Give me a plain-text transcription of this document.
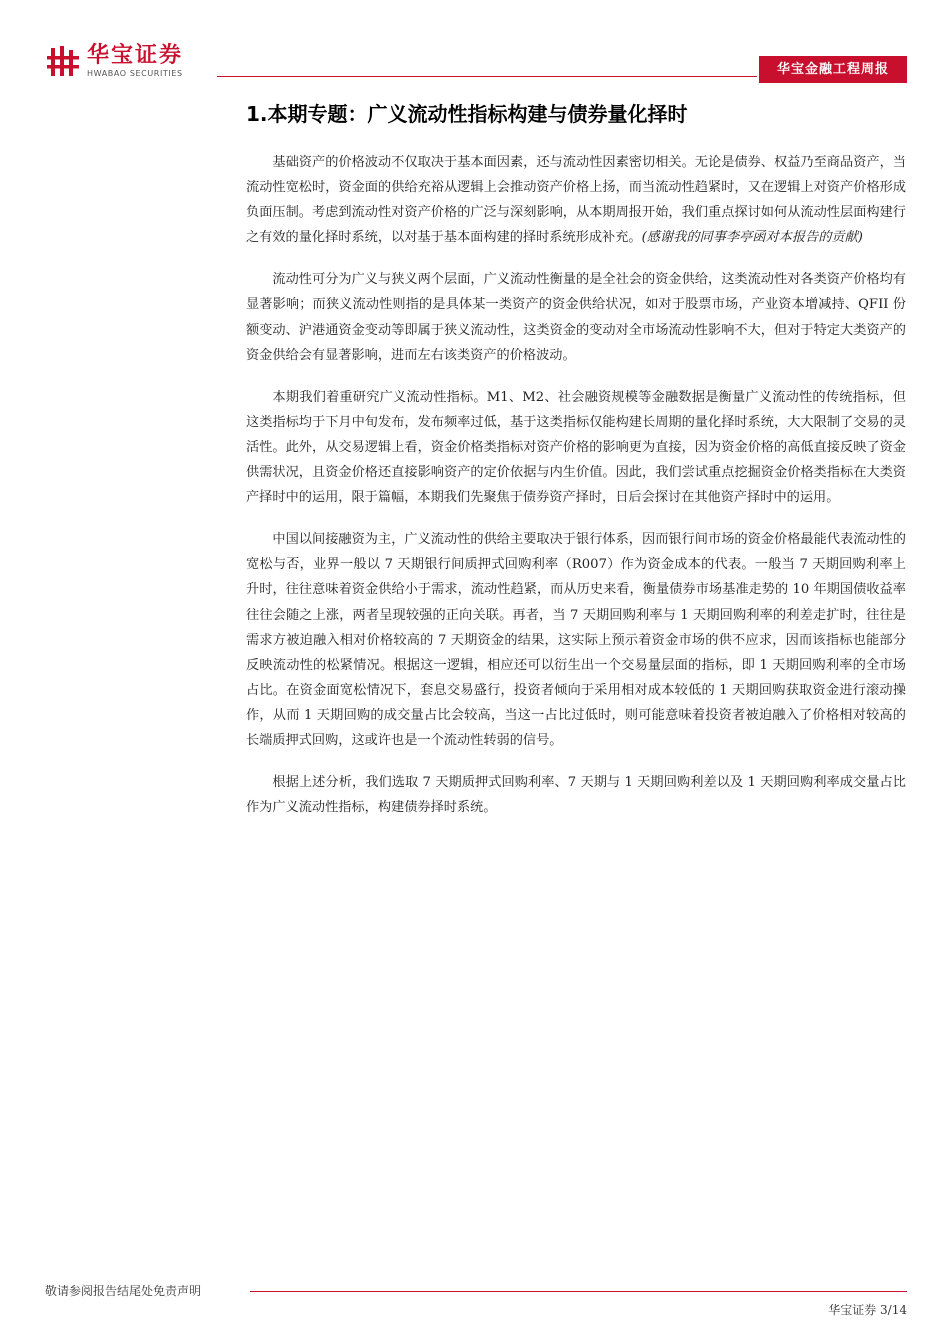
华宝证券
HWABAO SECURITIES	华宝金融工程周报
1.本期专题：广义流动性指标构建与债券量化择时

基础资产的价格波动不仅取决于基本面因素，还与流动性因素密切相关。无论是债券、权益乃至商品资产，当流动性宽松时，资金面的供给充裕从逻辑上会推动资产价格上扬，而当流动性趋紧时，又在逻辑上对资产价格形成负面压制。考虑到流动性对资产价格的广泛与深刻影响，从本期周报开始，我们重点探讨如何从流动性层面构建行之有效的量化择时系统，以对基于基本面构建的择时系统形成补充。(感谢我的同事李亭函对本报告的贡献)

流动性可分为广义与狭义两个层面，广义流动性衡量的是全社会的资金供给，这类流动性对各类资产价格均有显著影响；而狭义流动性则指的是具体某一类资产的资金供给状况，如对于股票市场，产业资本增减持、QFII 份额变动、沪港通资金变动等即属于狭义流动性，这类资金的变动对全市场流动性影响不大，但对于特定大类资产的资金供给会有显著影响，进而左右该类资产的价格波动。

本期我们着重研究广义流动性指标。M1、M2、社会融资规模等金融数据是衡量广义流动性的传统指标，但这类指标均于下月中旬发布，发布频率过低，基于这类指标仅能构建长周期的量化择时系统，大大限制了交易的灵活性。此外，从交易逻辑上看，资金价格类指标对资产价格的影响更为直接，因为资金价格的高低直接反映了资金供需状况，且资金价格还直接影响资产的定价依据与内生价值。因此，我们尝试重点挖掘资金价格类指标在大类资产择时中的运用，限于篇幅，本期我们先聚焦于债券资产择时，日后会探讨在其他资产择时中的运用。

中国以间接融资为主，广义流动性的供给主要取决于银行体系，因而银行间市场的资金价格最能代表流动性的宽松与否，业界一般以 7 天期银行间质押式回购利率（R007）作为资金成本的代表。一般当 7 天期回购利率上升时，往往意味着资金供给小于需求，流动性趋紧，而从历史来看，衡量债券市场基准走势的 10 年期国债收益率往往会随之上涨，两者呈现较强的正向关联。再者，当 7 天期回购利率与 1 天期回购利率的利差走扩时，往往是需求方被迫融入相对价格较高的 7 天期资金的结果，这实际上预示着资金市场的供不应求，因而该指标也能部分反映流动性的松紧情况。根据这一逻辑，相应还可以衍生出一个交易量层面的指标，即 1 天期回购利率的全市场占比。在资金面宽松情况下，套息交易盛行，投资者倾向于采用相对成本较低的 1 天期回购获取资金进行滚动操作，从而 1 天期回购的成交量占比会较高，当这一占比过低时，则可能意味着投资者被迫融入了价格相对较高的长端质押式回购，这或许也是一个流动性转弱的信号。

根据上述分析，我们选取 7 天期质押式回购利率、7 天期与 1 天期回购利差以及 1 天期回购利率成交量占比作为广义流动性指标，构建债券择时系统。

敬请参阅报告结尾处免责声明
华宝证券 3/14
